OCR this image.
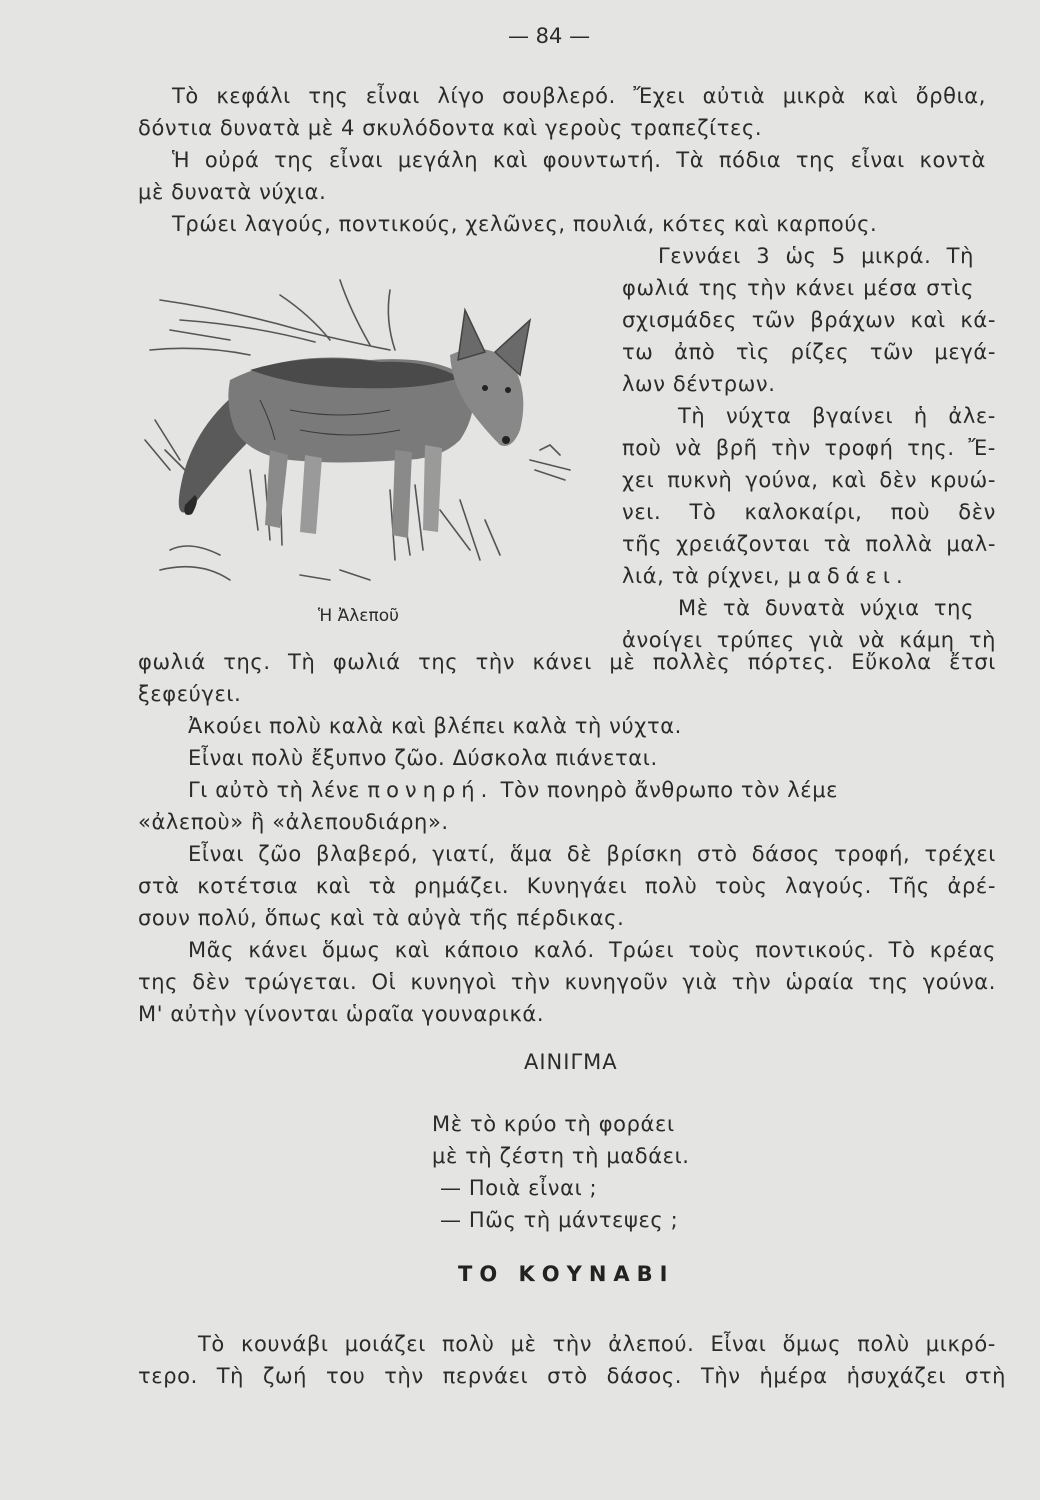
— 84 —
Τὸ κεφάλι της εἶναι λίγο σουβλερό. Ἔχει αὐτιὰ μικρὰ καὶ ὄρθια,
δόντια δυνατὰ μὲ 4 σκυλόδοντα καὶ γεροὺς τραπεζίτες.
Ἡ οὐρά της εἶναι μεγάλη καὶ φουντωτή. Τὰ πόδια της εἶναι κοντὰ
μὲ δυνατὰ νύχια.
Τρώει λαγούς, ποντικούς, χελῶνες, πουλιά, κότες καὶ καρπούς.
Γεννάει 3 ὡς 5 μικρά. Τὴ
φωλιά της τὴν κάνει μέσα στὶς
σχισμάδες τῶν βράχων καὶ κά-
τω ἀπὸ τὶς ρίζες τῶν μεγά-
λων δέντρων.
Τὴ νύχτα βγαίνει ἡ ἀλε-
ποὺ νὰ βρῆ τὴν τροφή της. Ἔ-
χει πυκνὴ γούνα, καὶ δὲν κρυώ-
νει. Τὸ καλοκαίρι, ποὺ δὲν
τῆς χρειάζονται τὰ πολλὰ μαλ-
λιά, τὰ ρίχνει, μαδάει.
Μὲ τὰ δυνατὰ νύχια της
ἀνοίγει τρύπες γιὰ νὰ κάμη τὴ
Ἡ Ἀλεποῦ
φωλιά της. Τὴ φωλιά της τὴν κάνει μὲ πολλὲς πόρτες. Εὔκολα ἔτσι
ξεφεύγει.
Ἀκούει πολὺ καλὰ καὶ βλέπει καλὰ τὴ νύχτα.
Εἶναι πολὺ ἔξυπνο ζῶο. Δύσκολα πιάνεται.
Γι αὐτὸ τὴ λένε πονηρή. Τὸν πονηρὸ ἄνθρωπο τὸν λέμε
«ἀλεποὺ» ἢ «ἀλεπουδιάρη».
Εἶναι ζῶο βλαβερό, γιατί, ἅμα δὲ βρίσκη στὸ δάσος τροφή, τρέχει
στὰ κοτέτσια καὶ τὰ ρημάζει. Κυνηγάει πολὺ τοὺς λαγούς. Τῆς ἀρέ-
σουν πολύ, ὅπως καὶ τὰ αὐγὰ τῆς πέρδικας.
Μᾶς κάνει ὅμως καὶ κάποιο καλό. Τρώει τοὺς ποντικούς. Τὸ κρέας
της δὲν τρώγεται. Οἱ κυνηγοὶ τὴν κυνηγοῦν γιὰ τὴν ὡραία της γούνα.
Μ' αὐτὴν γίνονται ὡραῖα γουναρικά.
ΑΙΝΙΓΜΑ
Μὲ τὸ κρύο τὴ φοράει
μὲ τὴ ζέστη τὴ μαδάει.
— Ποιὰ εἶναι ;
— Πῶς τὴ μάντεψες ;
ΤΟ ΚΟΥΝΑΒΙ
Τὸ κουνάβι μοιάζει πολὺ μὲ τὴν ἀλεπού. Εἶναι ὅμως πολὺ μικρό-
τερο. Τὴ ζωή του τὴν περνάει στὸ δάσος. Τὴν ἡμέρα ἡσυχάζει στὴ
